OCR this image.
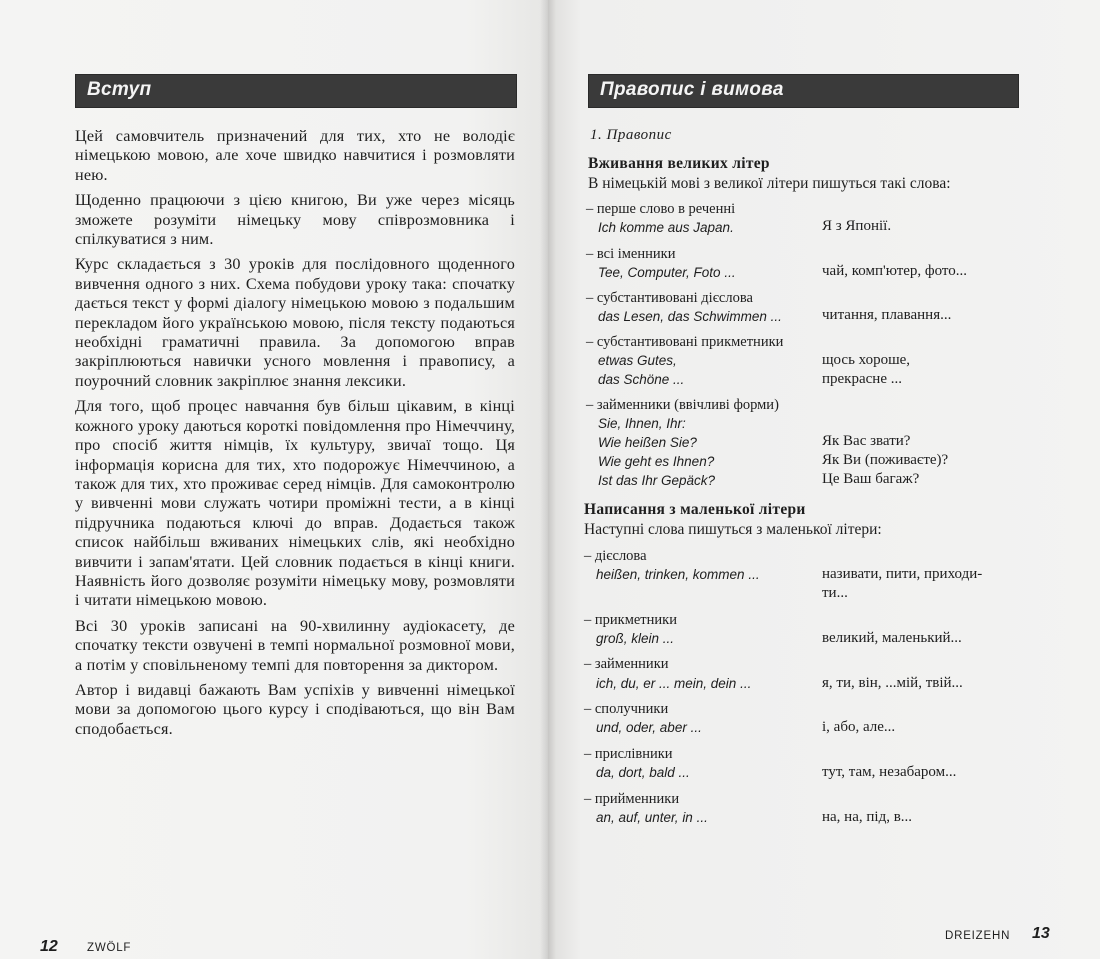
Вступ

Цей самовчитель призначений для тих, хто не володіє німецькою мовою, але хоче швидко навчитися і розмовляти нею.

Щоденно працюючи з цією книгою, Ви уже через місяць зможете розуміти німецьку мову співрозмовника і спілкуватися з ним.

Курс складається з 30 уроків для послідовного щоденного вивчення одного з них. Схема побудови уроку така: спочатку дається текст у формі діалогу німецькою мовою з подальшим перекладом його українською мовою, після тексту подаються необхідні граматичні правила. За допомогою вправ закріплюються навички усного мовлення і правопису, а поурочний словник закріплює знання лексики.

Для того, щоб процес навчання був більш цікавим, в кінці кожного уроку даються короткі повідомлення про Німеччину, про спосіб життя німців, їх культуру, звичаї тощо. Ця інформація корисна для тих, хто подорожує Німеччиною, а також для тих, хто проживає серед німців. Для самоконтролю у вивченні мови служать чотири проміжні тести, а в кінці підручника подаються ключі до вправ. Додається також список найбільш вживаних німецьких слів, які необхідно вивчити і запам'ятати. Цей словник подається в кінці книги. Наявність його дозволяє розуміти німецьку мову, розмовляти і читати німецькою мовою.

Всі 30 уроків записані на 90-хвилинну аудіокасету, де спочатку тексти озвучені в темпі нормальної розмовної мови, а потім у сповільненому темпі для повторення за диктором.

Автор і видавці бажають Вам успіхів у вивченні німецької мови за допомогою цього курсу і сподіваються, що він Вам сподобається.

12	ZWÖLF
Правопис і вимова
1. Правопис
Вживання великих літер
В німецькій мові з великої літери пишуться такі слова:
– перше слово в реченні
Ich komme aus Japan.	Я з Японії.
– всі іменники
Tee, Computer, Foto ...	чай, комп'ютер, фото...
– субстантивовані дієслова
das Lesen, das Schwimmen ...	читання, плавання...
– субстантивовані прикметники
etwas Gutes,	щось хороше,
das Schöne ...	прекрасне ...
– займенники (ввічливі форми)
Sie, Ihnen, Ihr:
Wie heißen Sie?	Як Вас звати?
Wie geht es Ihnen?	Як Ви (поживаєте)?
Ist das Ihr Gepäck?	Це Ваш багаж?
Написання з маленької літери
Наступні слова пишуться з маленької літери:
– дієслова
heißen, trinken, kommen ...	називати, пити, приходи-
ти...
– прикметники
groß, klein ...	великий, маленький...
– займенники
ich, du, er ... mein, dein ...	я, ти, він, ...мій, твій...
– сполучники
und, oder, aber ...	і, або, але...
– прислівники
da, dort, bald ...	тут, там, незабаром...
– прийменники
an, auf, unter, in ...	на, на, під, в...
DREIZEHN 13
